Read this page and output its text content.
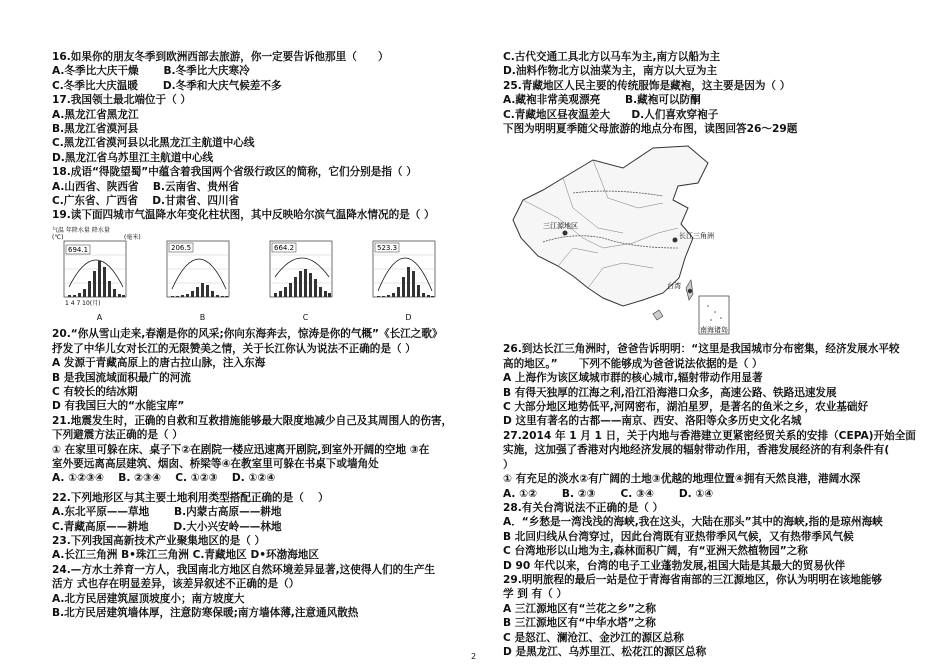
16.如果你的朋友冬季到欧洲西部去旅游，你一定要告诉他那里（　　）
A.冬季比大庆干燥　　 B.冬季比大庆寒冷
C.冬季比大庆温暖　　 D.冬季和大庆气候差不多
17.我国领土最北端位于（ ）
A.黑龙江省黑龙江
B.黑龙江省漠河县
C.黑龙江省漠河县以北黑龙江主航道中心线
D.黑龙江省乌苏里江主航道中心线
18.成语“得陇望蜀”中蕴含着我国两个省级行政区的简称，它们分别是指（ ）
A.山西省、陕西省　 B.云南省、贵州省
C.广东省、广西省　 D.甘肃省、四川省
19.读下面四城市气温降水年变化柱状图，其中反映哈尔滨气温降水情况的是（ ）
气温 年降水量 降水量
(℃)	(毫米)
694.1
1 4 7 10(月)
A
206.5
B
664.2
C
523.3
D
20.“你从雪山走来,春潮是你的风采;你向东海奔去，惊涛是你的气概”《长江之歌》
抒发了中华儿女对长江的无限赞美之情，关于长江你认为说法不正确的是（ ）
A 发源于青藏高原上的唐古拉山脉，注入东海
B 是我国流域面积最广的河流
C 有较长的结冰期
D 有我国巨大的“水能宝库”
21.地震发生时，正确的自救和互救措施能够最大限度地减少自己及其周围人的伤害，
下列避震方法正确的是（ ）
① 在家里可躲在床、桌子下②在剧院一楼应迅速离开剧院,到室外开阔的空地 ③在
室外要远离高层建筑、烟囱、桥梁等④在教室里可躲在书桌下或墙角处
A. ①②③④　 B. ②③④　 C. ①②③　 D. ①②④
22.下列地形区与其主要土地利用类型搭配正确的是（　 ）
A.东北平原——草地　　 B.内蒙古高原——耕地
C.青藏高原——耕地　　 D.大小兴安岭——林地
23.下列我国高新技术产业聚集地区的是（ ）
A.长江三角洲 B•珠江三角洲 C.青藏地区 D•环渤海地区
24.—方水土养育一方人，我国南北方地区自然环境差异显著,这使得人们的生产生
活方 式也存在明显差异，该差异叙述不正确的是（）
A.北方民居建筑屋顶坡度小；南方坡度大
B.北方民居建筑墙体厚，注意防寒保暖;南方墙体薄,注意通风散热
C.古代交通工具北方以马车为主,南方以船为主
D.油料作物北方以油菜为主，南方以大豆为主
25.青藏地区人民主要的传统服饰是藏袍，这主要是因为（ ）
A.藏袍非常美观漂亮　　 B.藏袍可以防酮
C.青藏地区昼夜温差大　　D.人们喜欢穿袍子
下图为明明夏季随父母旅游的地点分布图，读图回答26～29题
三江源地区
长江三角洲
台湾
南海诸岛
26.到达长江三角洲时，爸爸告诉明明：“这里是我国城市分布密集，经济发展水平较
高的地区。”　　下列不能够成为爸爸说法依据的是（ ）
A 上海作为该区域城市群的核心城市,辐射带动作用显著
B 有得天独厚的江海之利,沿江沿海港口众多，高速公路、铁路迅速发展
C 大部分地区地势低平,河网密布，湖泊星罗，是著名的鱼米之乡，农业基础好
D 这里有著名的古都——南京、西安、洛阳等众多历史文化名城
27.2014 年 1 月 1 日，关于内地与香港建立更紧密经贸关系的安排（CEPA)开始全面
实施，这加强了香港对内地经济发展的辐射带动作用，香港发展经济的有利条件有(
）
① 有充足的淡水②有广阔的土地③优越的地理位置④拥有天然良港，港阔水深
A. ①②　　 B. ②③　　 C. ③④　　 D. ①④
28.有关台湾说法不正确的是（ ）
A．“乡愁是一湾浅浅的海峡,我在这头，大陆在那头”其中的海峡,指的是琼州海峡
B 北回归线从台湾穿过，因此台湾既有亚热带季风气候，又有热带季风气候
C 台湾地形以山地为主,森林面积广阔，有“亚洲天然植物园”之称
D 90 年代以来，台湾的电子工业蓬勃发展,祖国大陆是其最大的贸易伙伴
29.明明旅程的最后一站是位于青海省南部的三江源地区，你认为明明在该地能够
学 到 有（ ）
A 三江源地区有“兰花之乡”之称
B 三江源地区有“中华水塔”之称
C 是怒江、澜沧江、金沙江的源区总称
D 是黑龙江、乌苏里江、松花江的源区总称
2
